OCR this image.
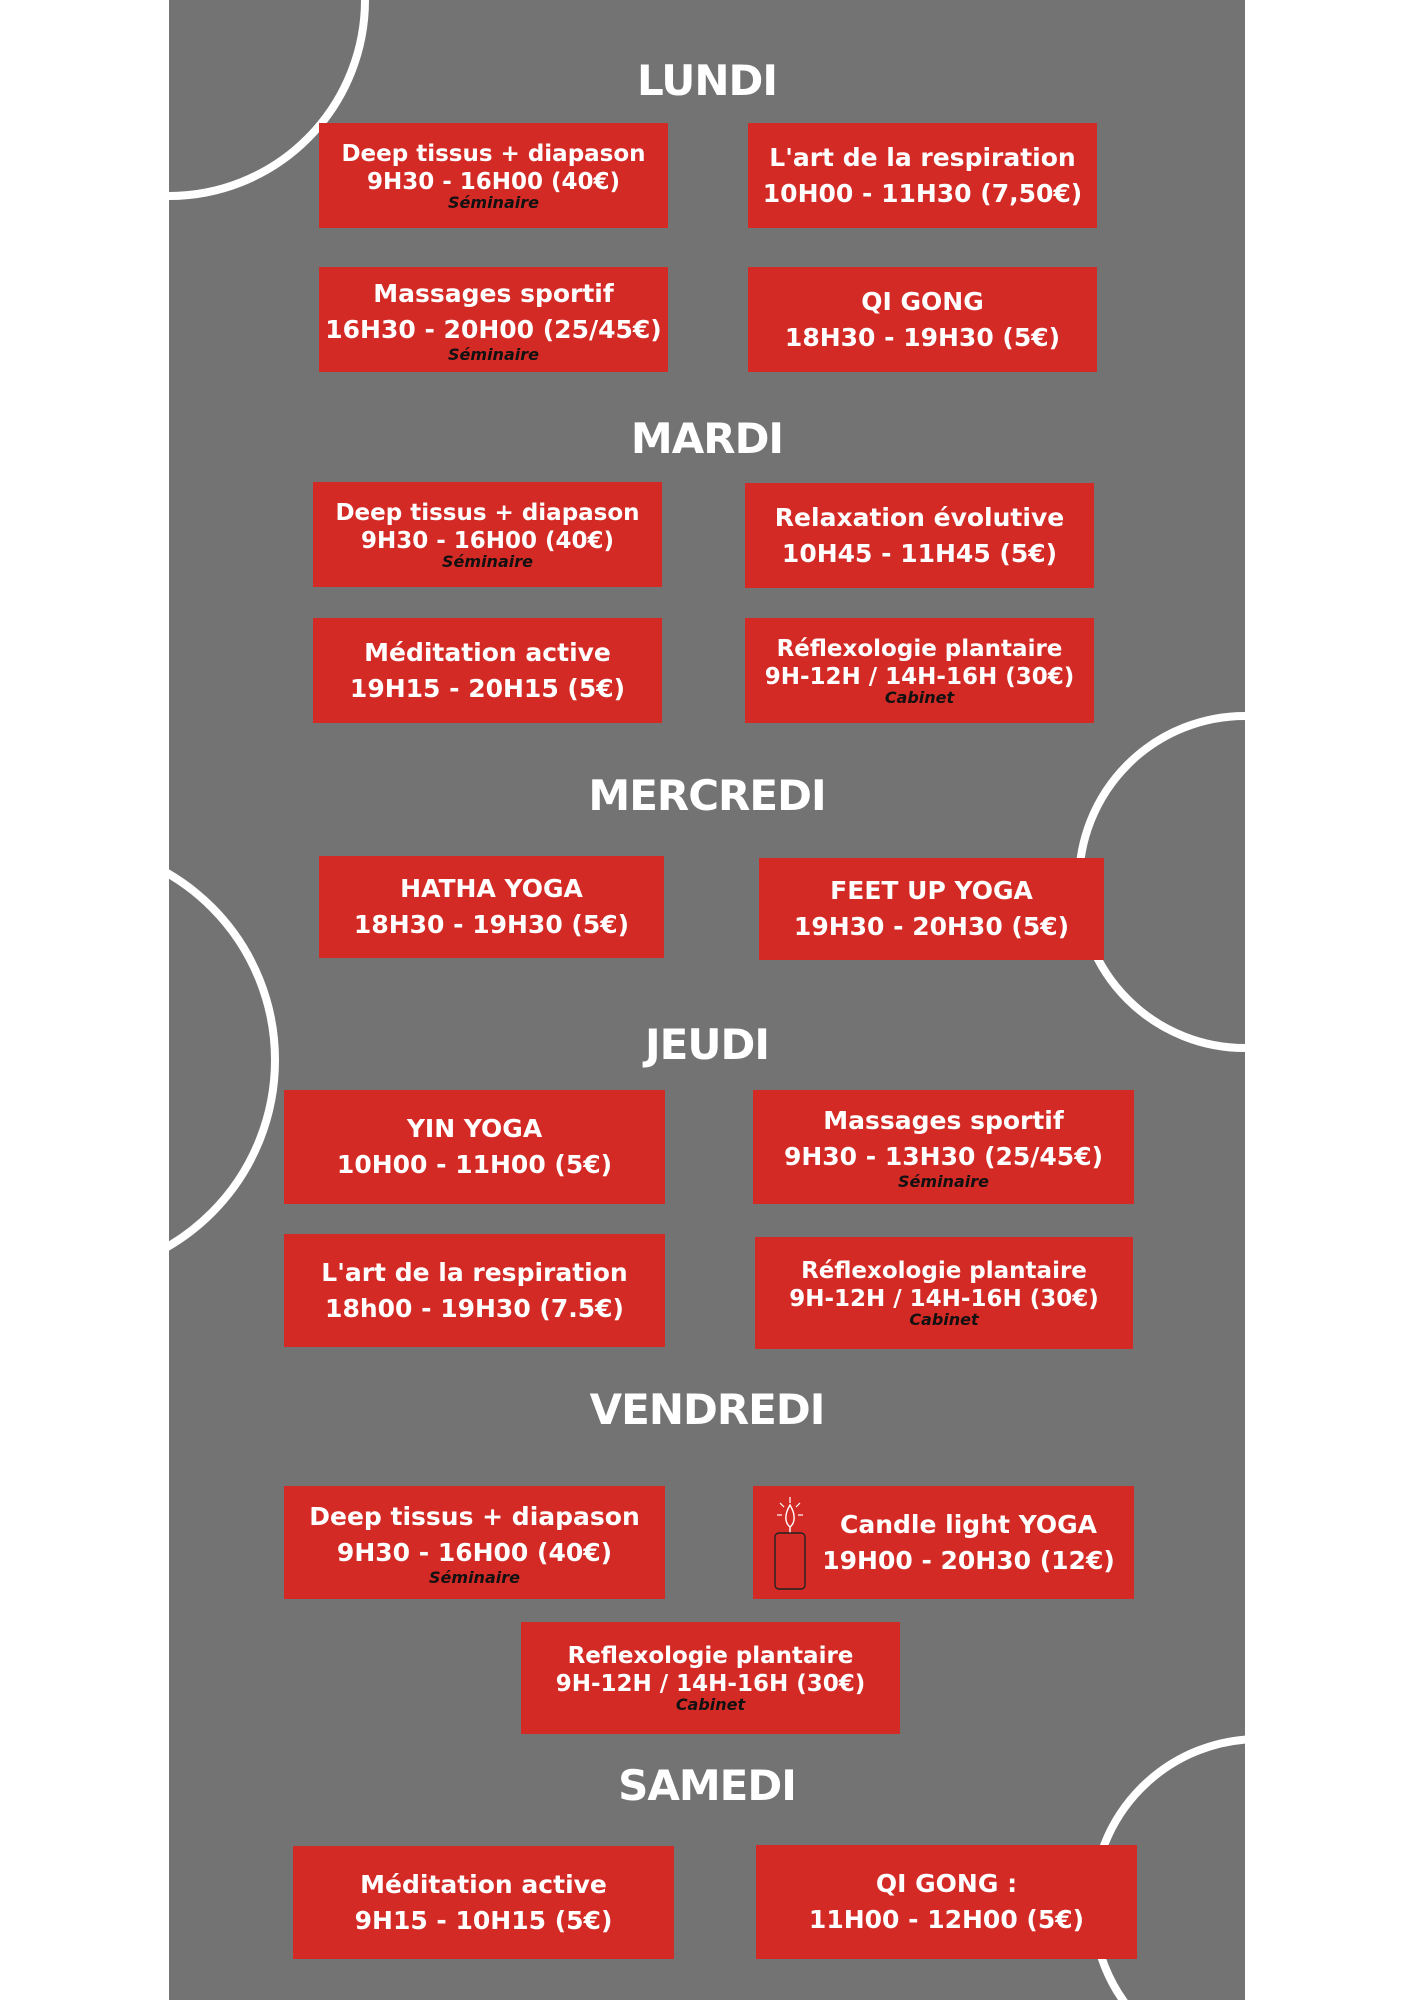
LUNDI
Deep tissus + diapason
9H30 - 16H00 (40€)
Séminaire
L'art de la respiration
10H00 - 11H30 (7,50€)
Massages sportif
16H30 - 20H00 (25/45€)
Séminaire
QI GONG
18H30 - 19H30 (5€)
MARDI
Deep tissus + diapason
9H30 - 16H00 (40€)
Séminaire
Relaxation évolutive
10H45 - 11H45 (5€)
Méditation active
19H15 - 20H15 (5€)
Réflexologie plantaire
9H-12H / 14H-16H (30€)
Cabinet
MERCREDI
HATHA YOGA
18H30 - 19H30 (5€)
FEET UP YOGA
19H30 - 20H30 (5€)
JEUDI
YIN YOGA
10H00 - 11H00 (5€)
Massages sportif
9H30 - 13H30 (25/45€)
Séminaire
L'art de la respiration
18h00 - 19H30 (7.5€)
Réflexologie plantaire
9H-12H / 14H-16H (30€)
Cabinet
VENDREDI
Deep tissus + diapason
9H30 - 16H00 (40€)
Séminaire
Candle light YOGA
19H00 - 20H30 (12€)
Reflexologie plantaire
9H-12H / 14H-16H (30€)
Cabinet
SAMEDI
Méditation active
9H15 - 10H15 (5€)
QI GONG :
11H00 - 12H00 (5€)
